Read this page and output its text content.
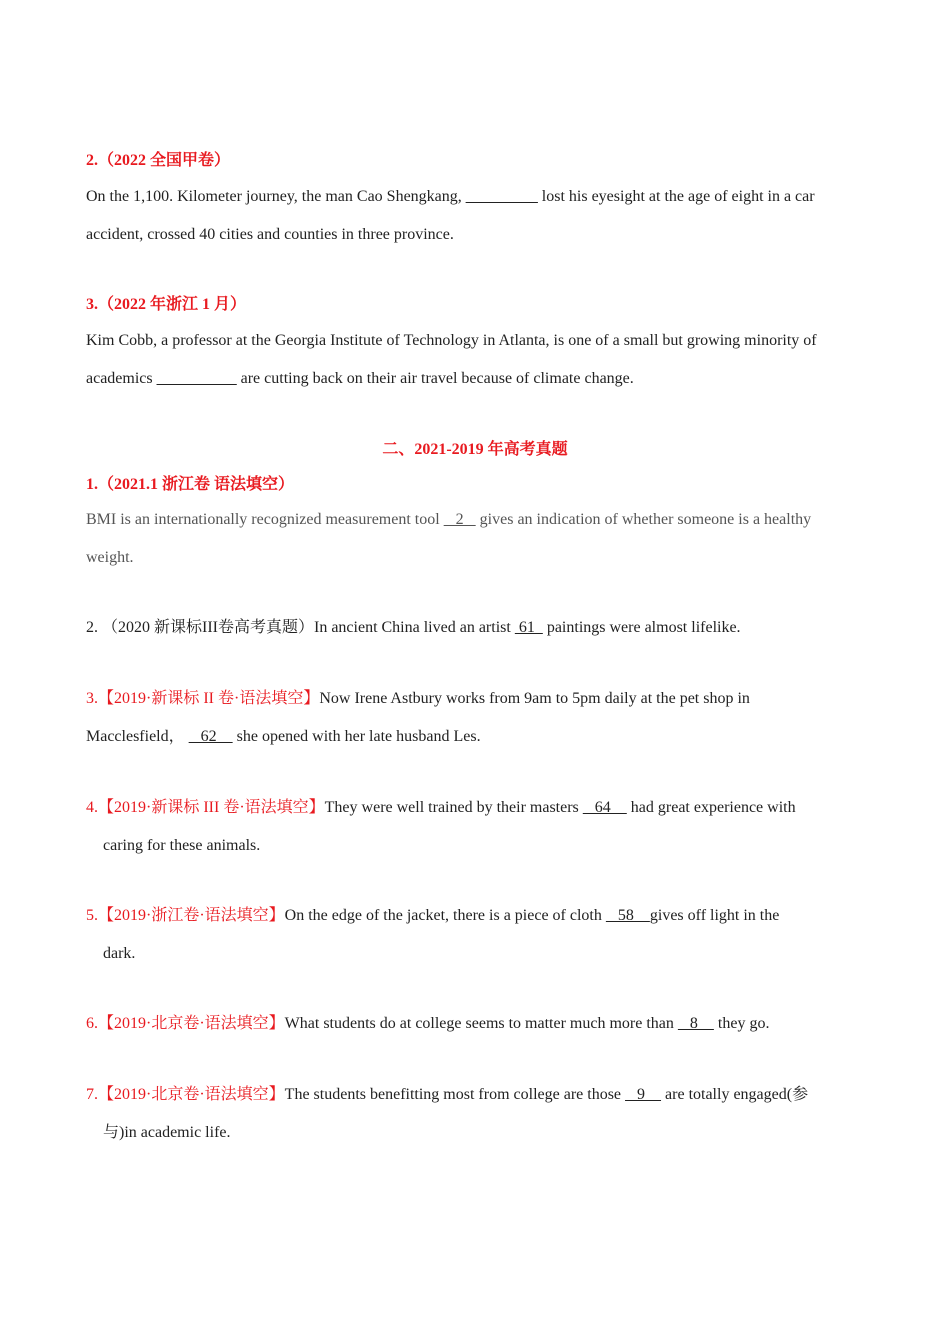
2.（2022 全国甲卷）
On the 1,100. Kilometer journey, the man Cao Shengkang, _________ lost his eyesight at the age of eight in a car
accident, crossed 40 cities and counties in three province.
3.（2022 年浙江 1 月）
Kim Cobb, a professor at the Georgia Institute of Technology in Atlanta, is one of a small but growing minority of
academics __________ are cutting back on their air travel because of climate change.
二、2021-2019 年高考真题
1.（2021.1 浙江卷 语法填空）
BMI is an internationally recognized measurement tool    2    gives an indication of whether someone is a healthy
weight.
2. （2020 新课标III卷高考真题）In ancient China lived an artist  61   paintings were almost lifelike.
3.【2019·新课标 II 卷·语法填空】Now Irene Astbury works from 9am to 5pm daily at the pet shop in
Macclesfield，    62     she opened with her late husband Les.
4.【2019·新课标 III 卷·语法填空】They were well trained by their masters    64     had great experience with
caring for these animals.
5.【2019·浙江卷·语法填空】On the edge of the jacket, there is a piece of cloth    58    gives off light in the
dark.
6.【2019·北京卷·语法填空】What students do at college seems to matter much more than    8     they go.
7.【2019·北京卷·语法填空】The students benefitting most from college are those    9     are totally engaged(参
与)in academic life.
